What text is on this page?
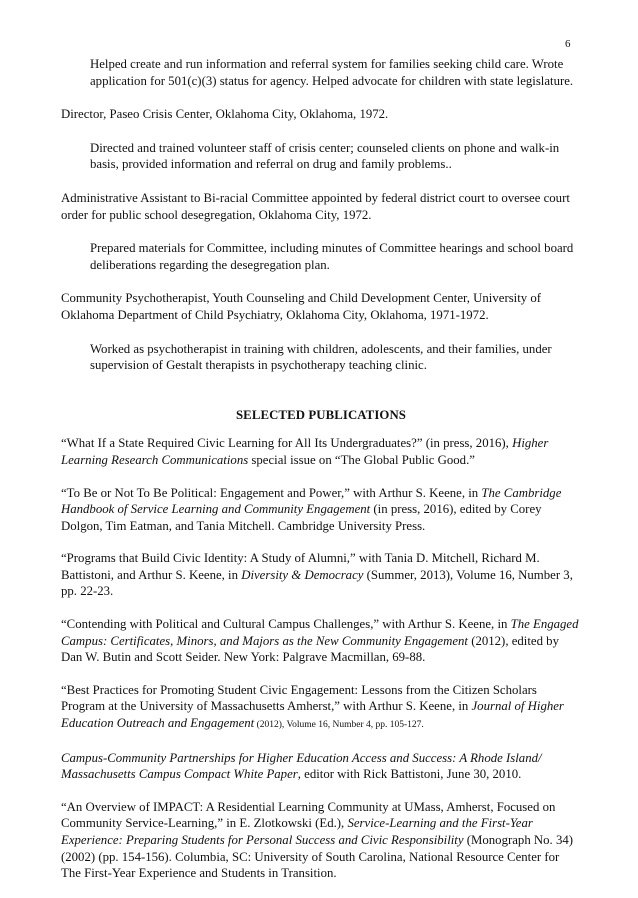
6

Helped create and run information and referral system for families seeking child care. Wrote application for 501(c)(3) status for agency. Helped advocate for children with state legislature.

Director, Paseo Crisis Center, Oklahoma City, Oklahoma, 1972.

Directed and trained volunteer staff of crisis center; counseled clients on phone and walk-in basis, provided information and referral on drug and family problems..

Administrative Assistant to Bi-racial Committee appointed by federal district court to oversee court order for public school desegregation, Oklahoma City, 1972.

Prepared materials for Committee, including minutes of Committee hearings and school board deliberations regarding the desegregation plan.

Community Psychotherapist, Youth Counseling and Child Development Center, University of Oklahoma Department of Child Psychiatry, Oklahoma City, Oklahoma, 1971-1972.

Worked as psychotherapist in training with children, adolescents, and their families, under supervision of Gestalt therapists in psychotherapy teaching clinic.

SELECTED PUBLICATIONS

“What If a State Required Civic Learning for All Its Undergraduates?” (in press, 2016), Higher Learning Research Communications special issue on “The Global Public Good.”

“To Be or Not To Be Political: Engagement and Power,” with Arthur S. Keene, in The Cambridge Handbook of Service Learning and Community Engagement (in press, 2016), edited by Corey Dolgon, Tim Eatman, and Tania Mitchell. Cambridge University Press.

“Programs that Build Civic Identity: A Study of Alumni,” with Tania D. Mitchell, Richard M. Battistoni, and Arthur S. Keene, in Diversity & Democracy (Summer, 2013), Volume 16, Number 3, pp. 22-23.

“Contending with Political and Cultural Campus Challenges,” with Arthur S. Keene, in The Engaged Campus: Certificates, Minors, and Majors as the New Community Engagement (2012), edited by Dan W. Butin and Scott Seider. New York: Palgrave Macmillan, 69-88.

“Best Practices for Promoting Student Civic Engagement: Lessons from the Citizen Scholars Program at the University of Massachusetts Amherst,” with Arthur S. Keene, in Journal of Higher Education Outreach and Engagement (2012), Volume 16, Number 4, pp. 105-127.

Campus-Community Partnerships for Higher Education Access and Success: A Rhode Island/ Massachusetts Campus Compact White Paper, editor with Rick Battistoni, June 30, 2010.

“An Overview of IMPACT: A Residential Learning Community at UMass, Amherst, Focused on Community Service-Learning,” in E. Zlotkowski (Ed.), Service-Learning and the First-Year Experience: Preparing Students for Personal Success and Civic Responsibility (Monograph No. 34) (2002) (pp. 154-156). Columbia, SC: University of South Carolina, National Resource Center for The First-Year Experience and Students in Transition.
